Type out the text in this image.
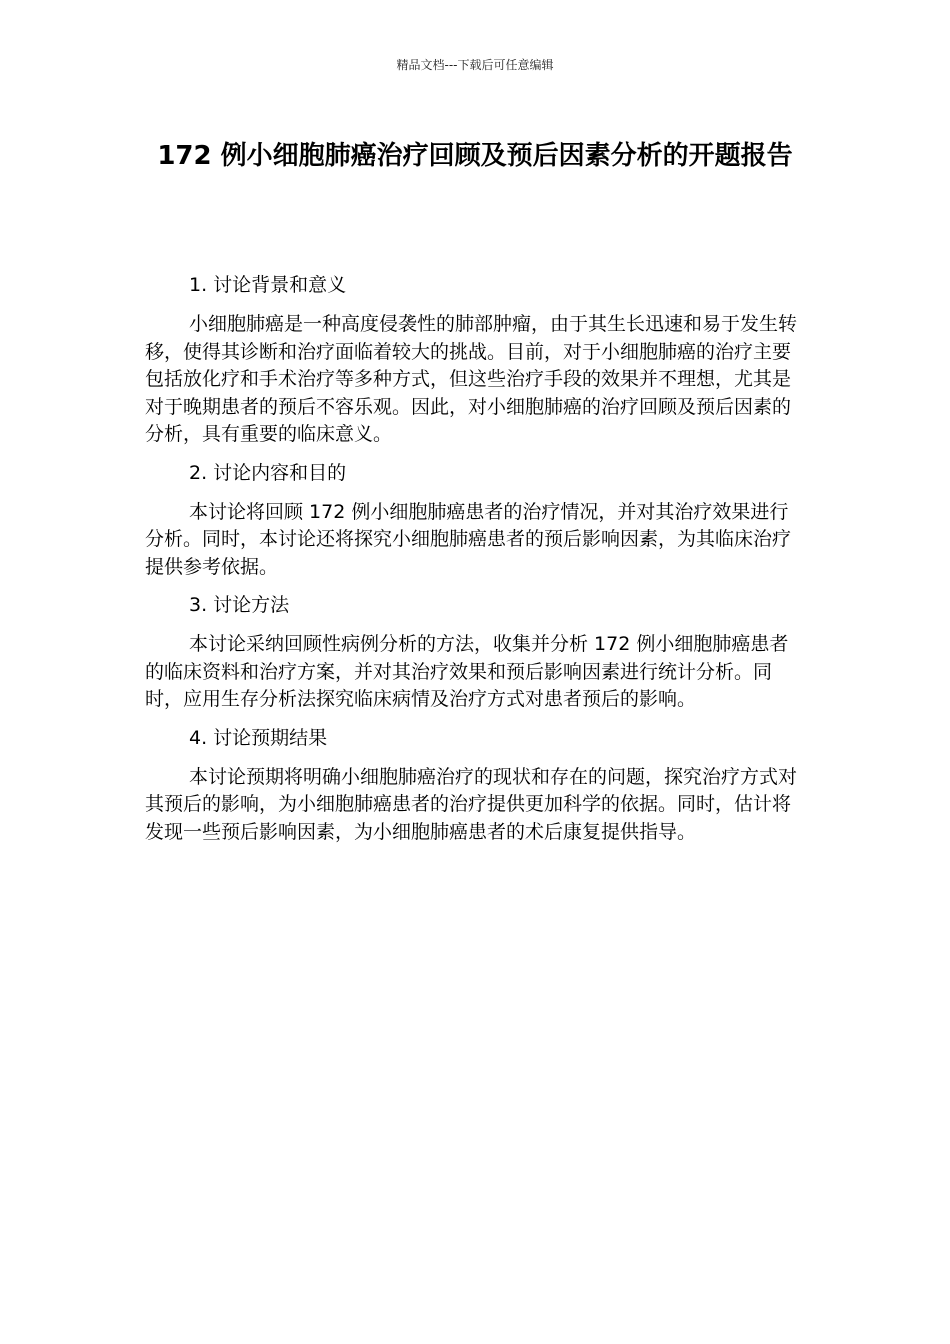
精品文档---下载后可任意编辑
172 例小细胞肺癌治疗回顾及预后因素分析的开题报告

1. 讨论背景和意义

小细胞肺癌是一种高度侵袭性的肺部肿瘤，由于其生长迅速和易于发生转移，使得其诊断和治疗面临着较大的挑战。目前，对于小细胞肺癌的治疗主要包括放化疗和手术治疗等多种方式，但这些治疗手段的效果并不理想，尤其是对于晚期患者的预后不容乐观。因此，对小细胞肺癌的治疗回顾及预后因素的分析，具有重要的临床意义。

2. 讨论内容和目的

本讨论将回顾 172 例小细胞肺癌患者的治疗情况，并对其治疗效果进行分析。同时，本讨论还将探究小细胞肺癌患者的预后影响因素，为其临床治疗提供参考依据。

3. 讨论方法

本讨论采纳回顾性病例分析的方法，收集并分析 172 例小细胞肺癌患者的临床资料和治疗方案，并对其治疗效果和预后影响因素进行统计分析。同时，应用生存分析法探究临床病情及治疗方式对患者预后的影响。

4. 讨论预期结果

本讨论预期将明确小细胞肺癌治疗的现状和存在的问题，探究治疗方式对其预后的影响，为小细胞肺癌患者的治疗提供更加科学的依据。同时，估计将发现一些预后影响因素，为小细胞肺癌患者的术后康复提供指导。
